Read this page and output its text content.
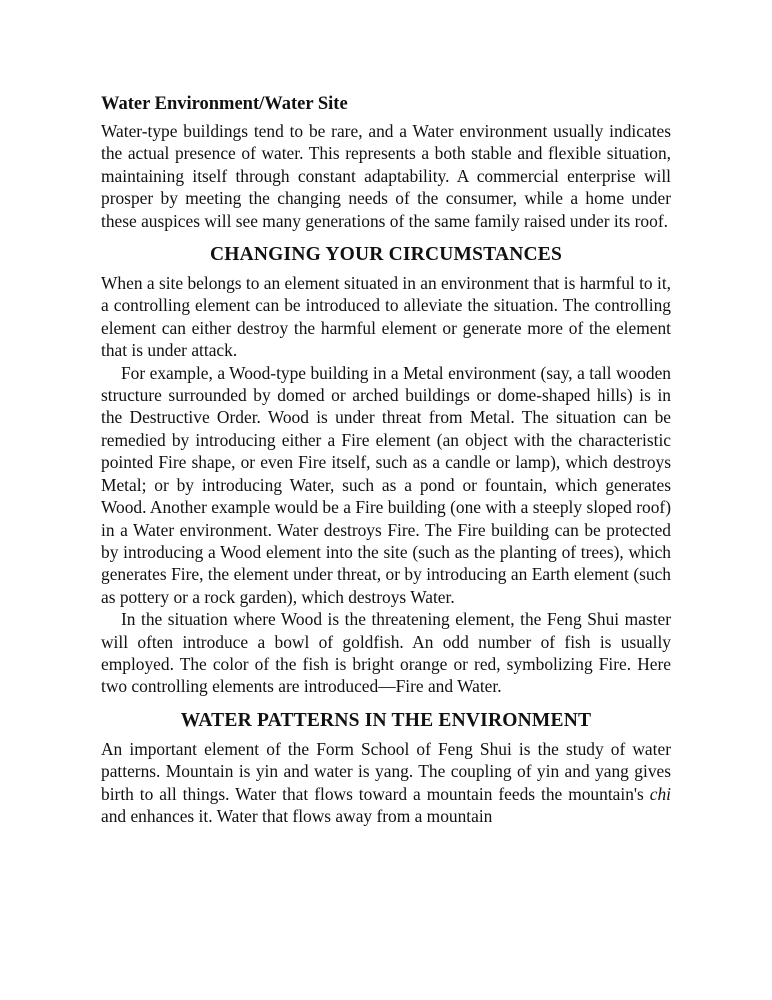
Water Environment/Water Site

Water-type buildings tend to be rare, and a Water environment usually indicates the actual presence of water. This represents a both stable and flexible situation, maintaining itself through constant adaptability. A commercial enterprise will prosper by meeting the changing needs of the consumer, while a home under these auspices will see many generations of the same family raised under its roof.

CHANGING YOUR CIRCUMSTANCES

When a site belongs to an element situated in an environment that is harmful to it, a controlling element can be introduced to alleviate the situation. The controlling element can either destroy the harmful element or generate more of the element that is under attack.

For example, a Wood-type building in a Metal environment (say, a tall wooden structure surrounded by domed or arched buildings or dome-shaped hills) is in the Destructive Order. Wood is under threat from Metal. The situation can be remedied by introducing either a Fire element (an object with the characteristic pointed Fire shape, or even Fire itself, such as a candle or lamp), which destroys Metal; or by introducing Water, such as a pond or fountain, which generates Wood. Another example would be a Fire building (one with a steeply sloped roof) in a Water environment. Water destroys Fire. The Fire building can be protected by introducing a Wood element into the site (such as the planting of trees), which generates Fire, the element under threat, or by introducing an Earth element (such as pottery or a rock garden), which destroys Water.

In the situation where Wood is the threatening element, the Feng Shui master will often introduce a bowl of goldfish. An odd number of fish is usually employed. The color of the fish is bright orange or red, symbolizing Fire. Here two controlling elements are introduced—Fire and Water.

WATER PATTERNS IN THE ENVIRONMENT

An important element of the Form School of Feng Shui is the study of water patterns. Mountain is yin and water is yang. The coupling of yin and yang gives birth to all things. Water that flows toward a mountain feeds the mountain's chi and enhances it. Water that flows away from a mountain
